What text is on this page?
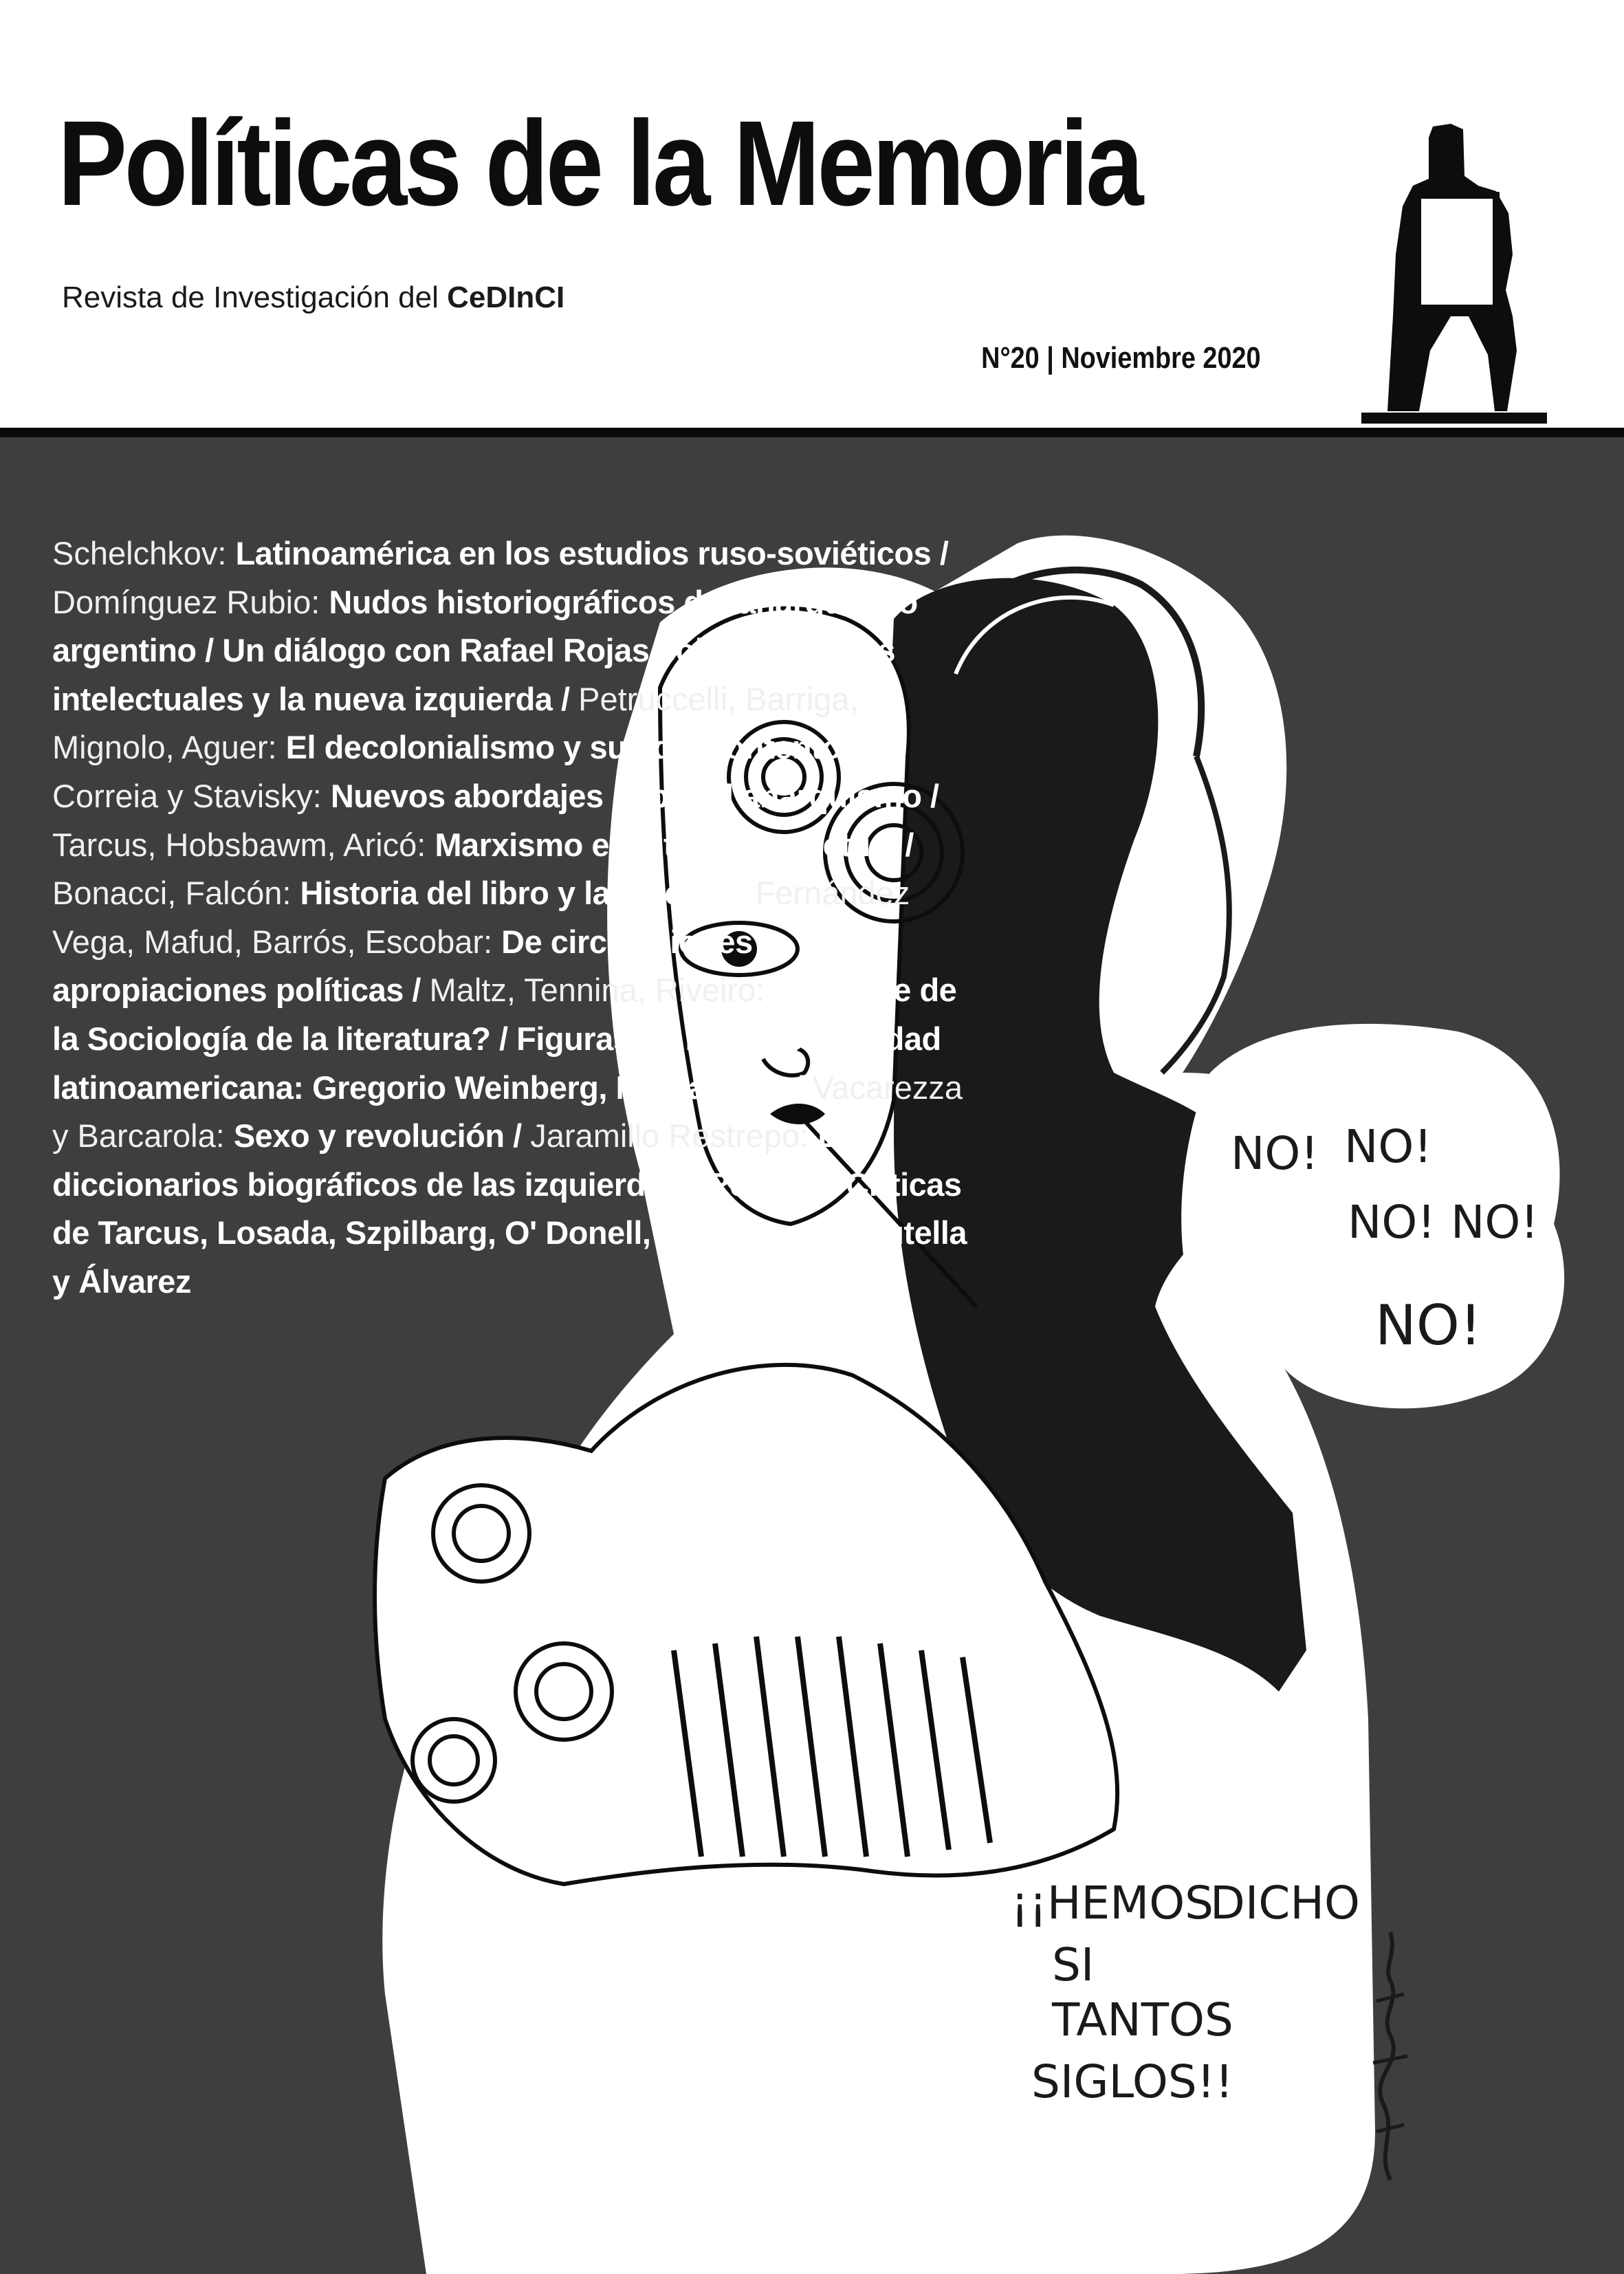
Políticas de la Memoria
Revista de Investigación del CeDInCI
N°20 | Noviembre 2020
NO! NO!
NO! NO!
NO!
¡¡HEMOS
DICHO
SI
TANTOS
SIGLOS!!
Schelchkov: Latinoamérica en los estudios ruso-soviéticos / Domínguez Rubio: Nudos historiográficos del anarquismo argentino / Un diálogo con Rafael Rojas sobre Cuba, los intelectuales y la nueva izquierda / Petruccelli, Barriga, Mignolo, Aguer: El decolonialismo y sus descontentos / Correia y Stavisky: Nuevos abordajes sobre el anarquismo / Tarcus, Hobsbawm, Aricó: Marxismo e historia intelectual / Bonacci, Falcón: Historia del libro y la edición / Fernández Vega, Mafud, Barrós, Escobar: De circulaciones y apropiaciones políticas / Maltz, Tennina, Riveiro: ¿Qué fue de la Sociología de la literatura? / Figuras de la intelectualidad latinoamericana: Gregorio Weinberg, Melgar Bao / Vacarezza y Barcarola: Sexo y revolución / Jaramillo Restrepo: Los diccionarios biográficos de las izquierdas / Reseñas Críticas de Tarcus, Losada, Szpilbarg, O' Donell, Celentano, Minutella y Álvarez
